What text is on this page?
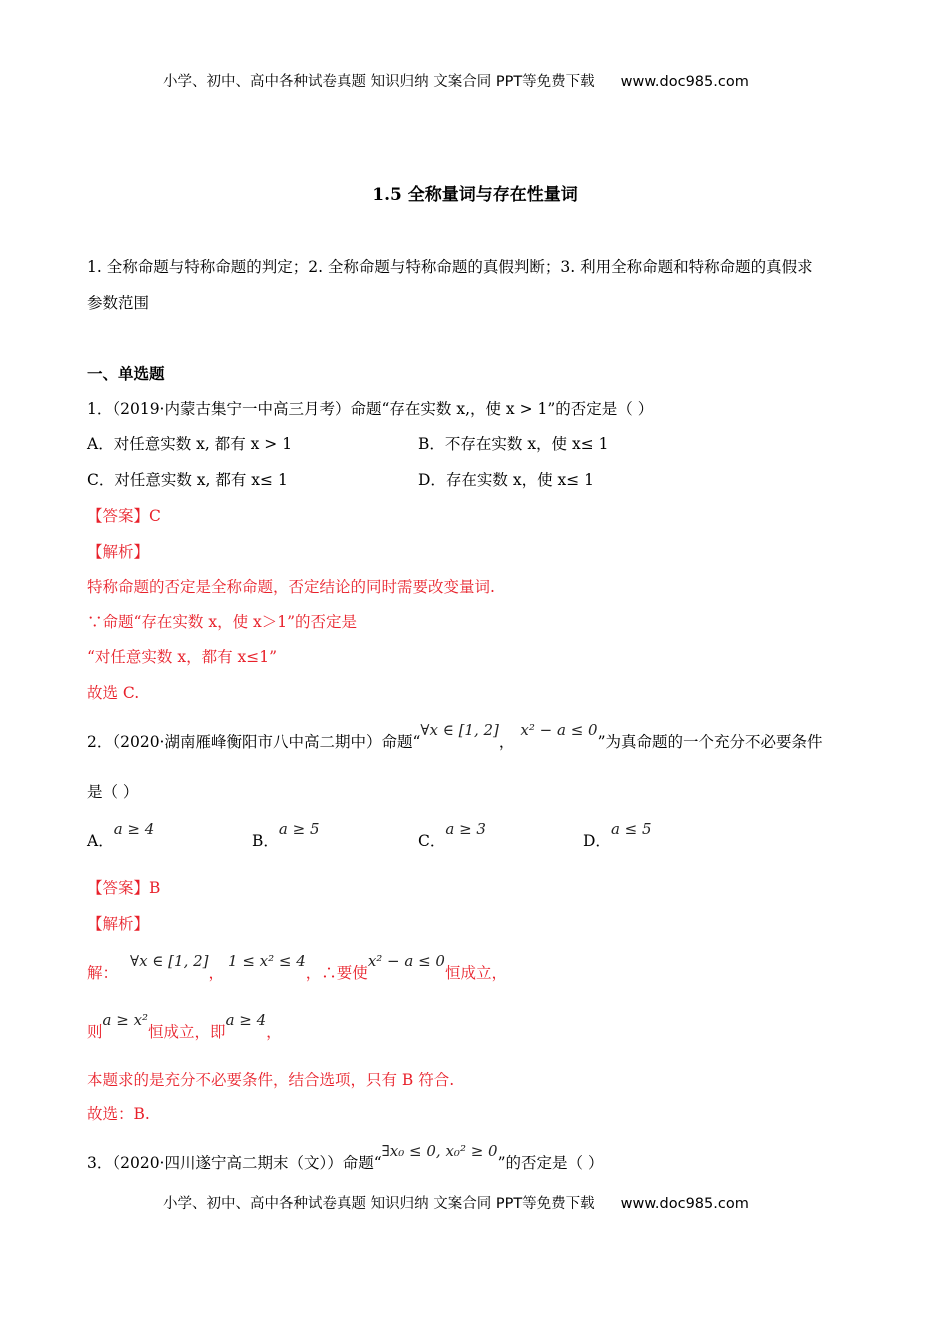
小学、初中、高中各种试卷真题 知识归纳 文案合同 PPT等免费下载 www.doc985.com
1.5 全称量词与存在性量词
1. 全称命题与特称命题的判定；2. 全称命题与特称命题的真假判断；3. 利用全称命题和特称命题的真假求
参数范围
一、单选题
1．（2019·内蒙古集宁一中高三月考）命题“存在实数 x,，使 x > 1”的否定是（ ）
A．对任意实数 x, 都有 x > 1	B．不存在实数 x，使 x≤ 1
C．对任意实数 x, 都有 x≤ 1	D．存在实数 x，使 x≤ 1
【答案】C
【解析】
特称命题的否定是全称命题，否定结论的同时需要改变量词.
∵命题“存在实数 x，使 x＞1”的否定是
“对任意实数 x，都有 x≤1”
故选 C.
2．（2020·湖南雁峰衡阳市八中高二期中）命题“∀x ∈ [1, 2]，x² − a ≤ 0”为真命题的一个充分不必要条件
是（ ）
A．a ≥ 4
B．a ≥ 5
C．a ≥ 3
D．a ≤ 5
【答案】B
【解析】
解：∀x ∈ [1, 2]，1 ≤ x² ≤ 4，∴要使x² − a ≤ 0恒成立，
则a ≥ x²恒成立，即a ≥ 4，
本题求的是充分不必要条件，结合选项，只有 B 符合.
故选：B.
3．（2020·四川遂宁高二期末（文））命题“∃x₀ ≤ 0, x₀² ≥ 0”的否定是（ ）
小学、初中、高中各种试卷真题 知识归纳 文案合同 PPT等免费下载 www.doc985.com
